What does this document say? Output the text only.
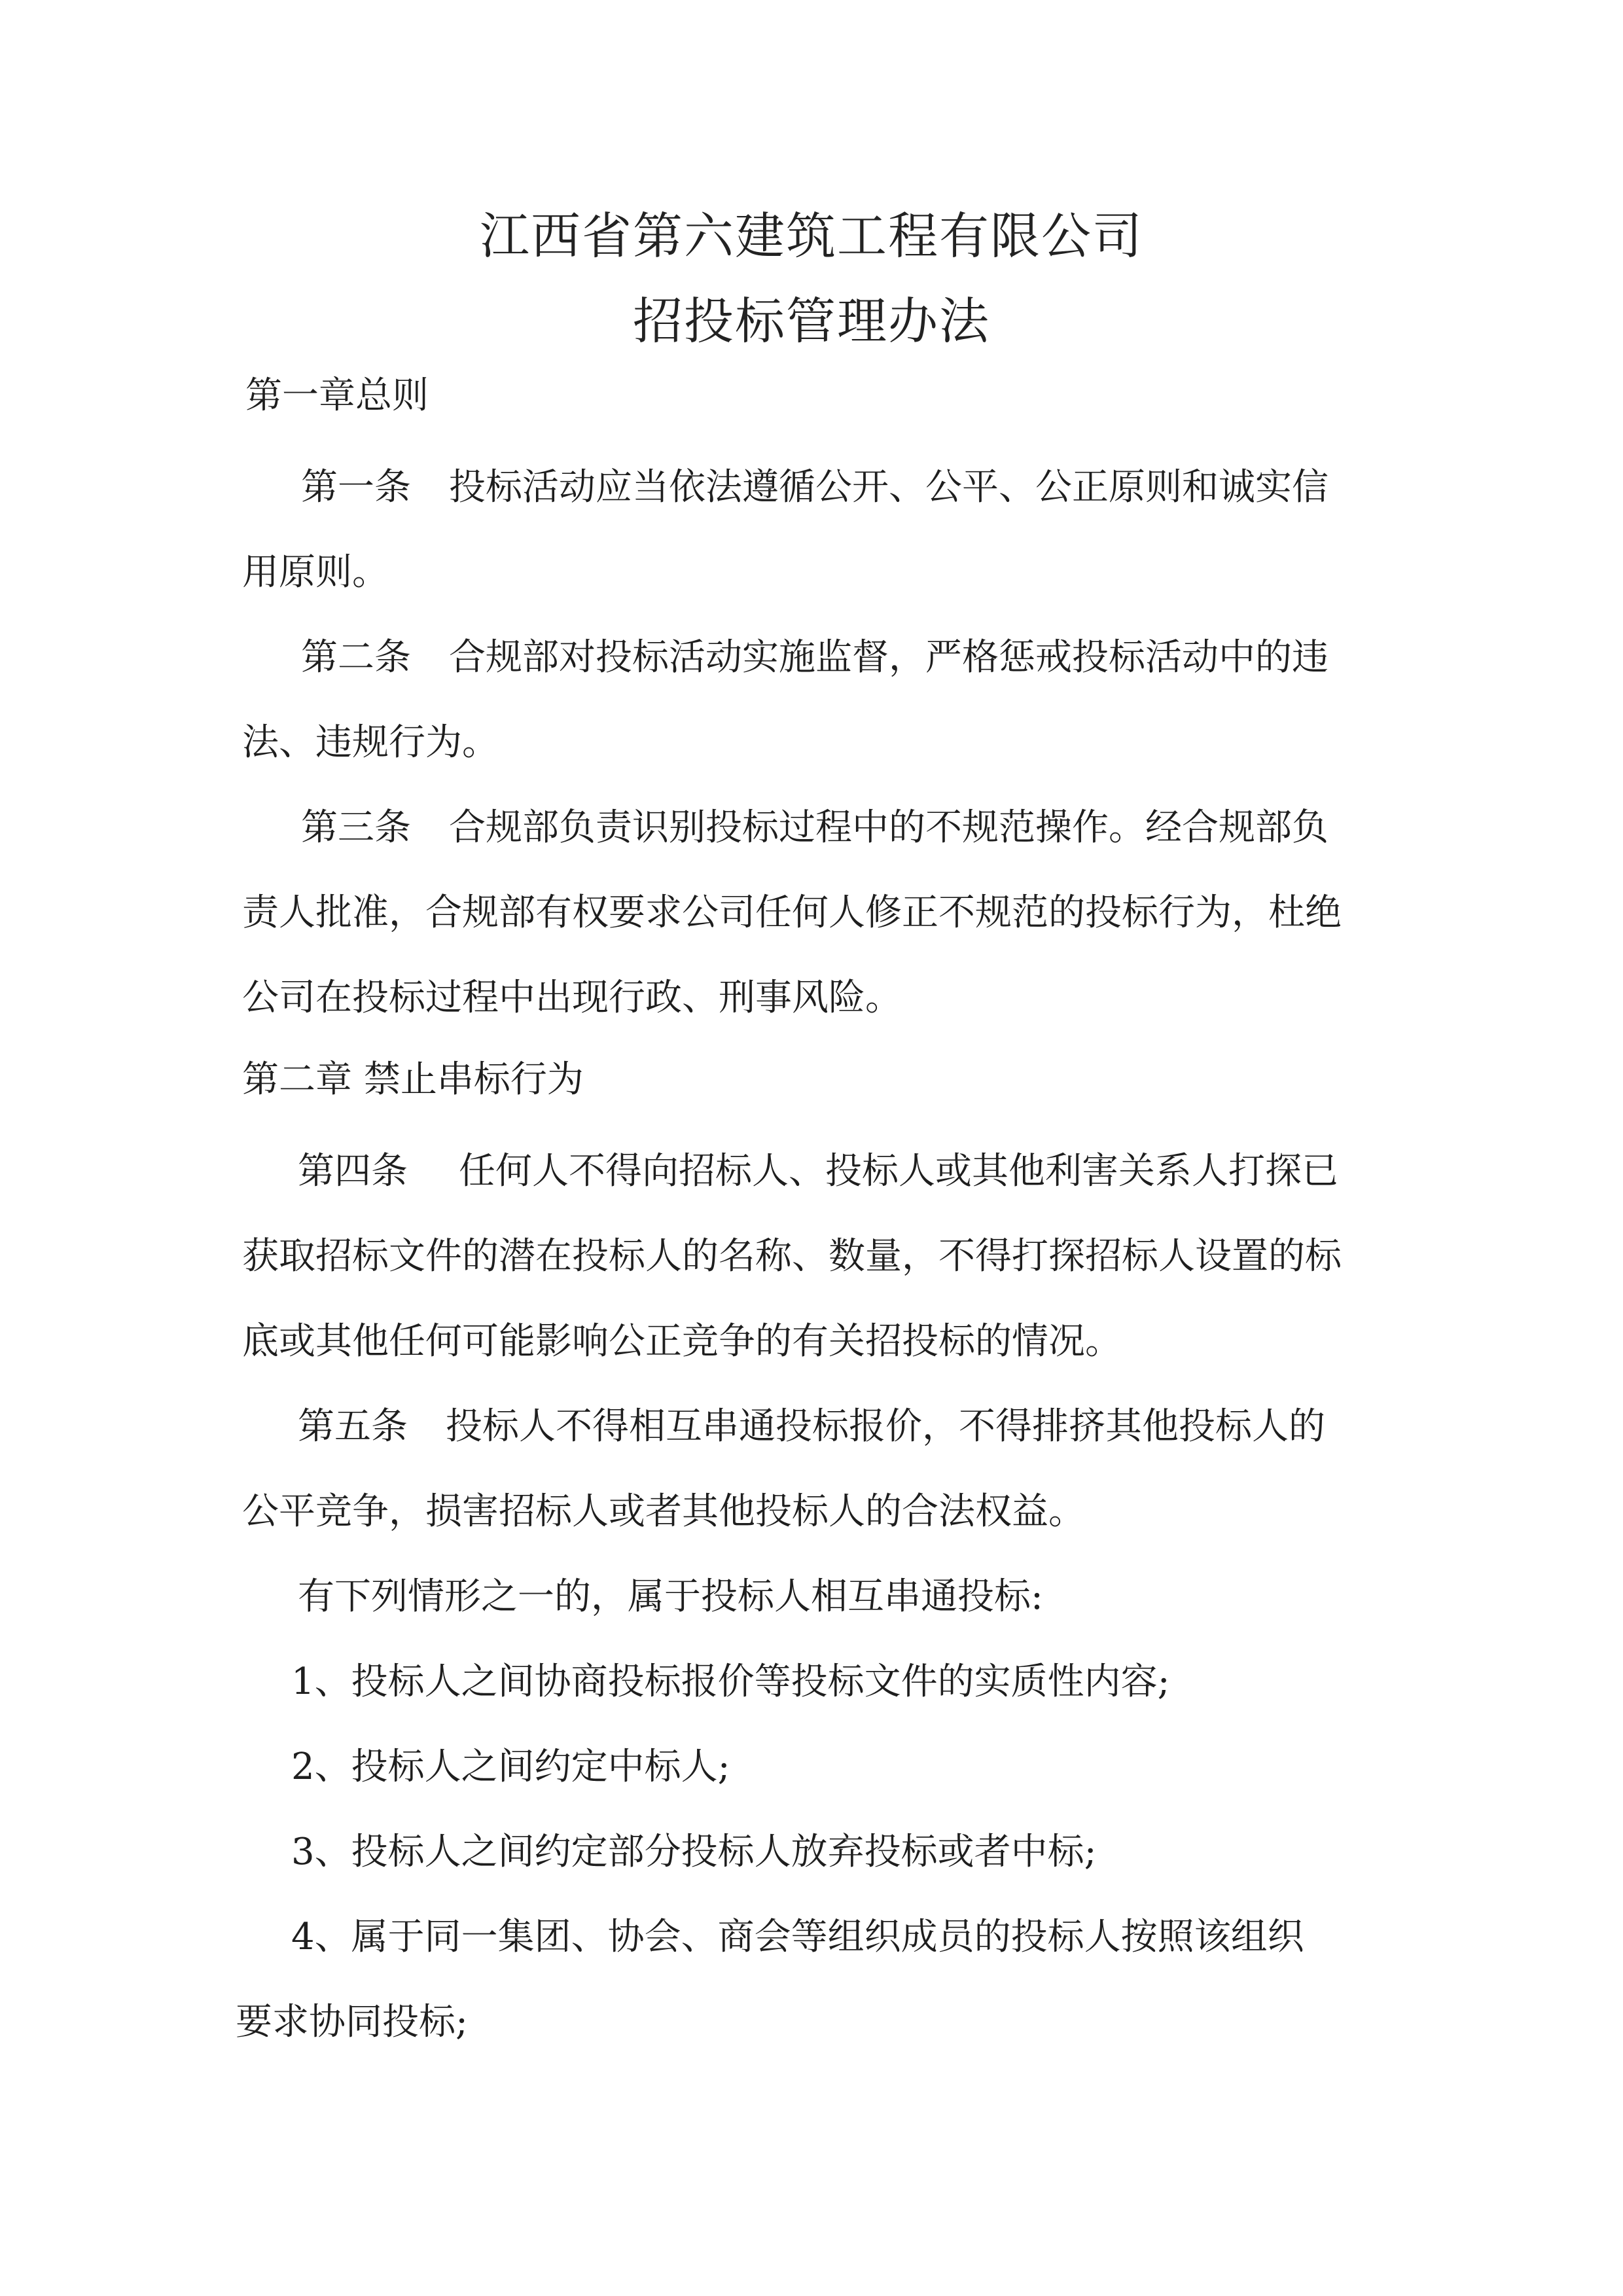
江西省第六建筑工程有限公司
招投标管理办法
第一章总则
第一条 投标活动应当依法遵循公开、公平、公正原则和诚实信
用原则。
第二条 合规部对投标活动实施监督，严格惩戒投标活动中的违
法、违规行为。
第三条 合规部负责识别投标过程中的不规范操作。经合规部负
责人批准，合规部有权要求公司任何人修正不规范的投标行为，杜绝
公司在投标过程中出现行政、刑事风险。
第二章 禁止串标行为
第四条 任何人不得向招标人、投标人或其他利害关系人打探已
获取招标文件的潜在投标人的名称、数量，不得打探招标人设置的标
底或其他任何可能影响公正竞争的有关招投标的情况。
第五条 投标人不得相互串通投标报价，不得排挤其他投标人的
公平竞争，损害招标人或者其他投标人的合法权益。
有下列情形之一的，属于投标人相互串通投标:
1、投标人之间协商投标报价等投标文件的实质性内容;
2、投标人之间约定中标人;
3、投标人之间约定部分投标人放弃投标或者中标;
4、属于同一集团、协会、商会等组织成员的投标人按照该组织
要求协同投标;
